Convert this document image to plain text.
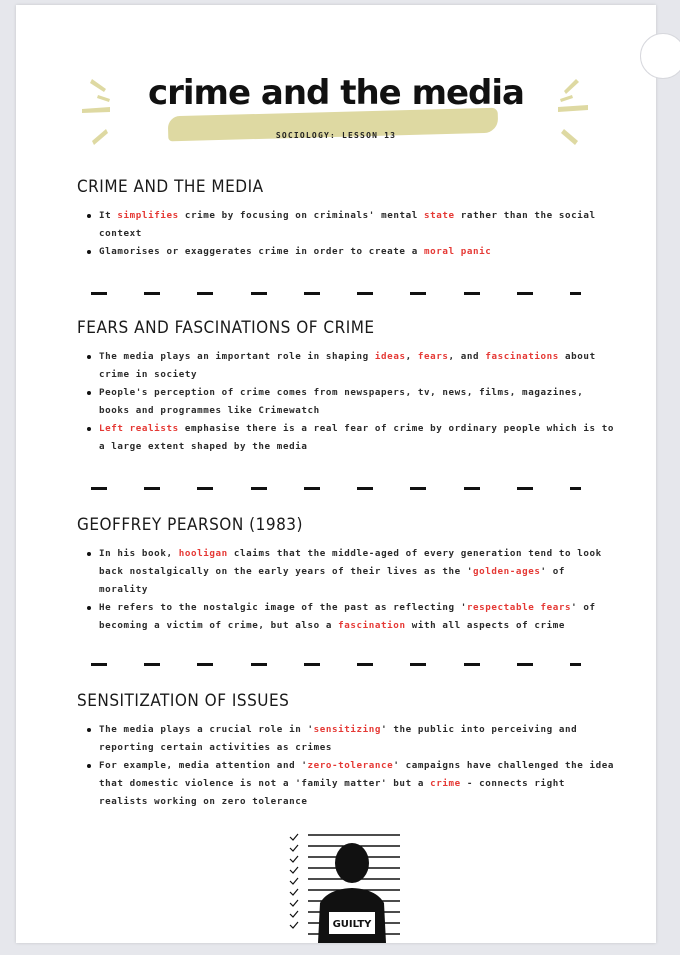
crime and the media
SOCIOLOGY: LESSON 13
CRIME AND THE MEDIA
It simplifies crime by focusing on criminals' mental state rather than the social context
Glamorises or exaggerates crime in order to create a moral panic
FEARS AND FASCINATIONS OF CRIME
The media plays an important role in shaping ideas, fears, and fascinations about crime in society
People's perception of crime comes from newspapers, tv, news, films, magazines, books and programmes like Crimewatch
Left realists emphasise there is a real fear of crime by ordinary people which is to a large extent shaped by the media
GEOFFREY PEARSON (1983)
In his book, hooligan claims that the middle-aged of every generation tend to look back nostalgically on the early years of their lives as the 'golden-ages' of morality
He refers to the nostalgic image of the past as reflecting 'respectable fears' of becoming a victim of crime, but also a fascination with all aspects of crime
SENSITIZATION OF ISSUES
The media plays a crucial role in 'sensitizing' the public into perceiving and reporting certain activities as crimes
For example, media attention and 'zero-tolerance' campaigns have challenged the idea that domestic violence is not a 'family matter' but a crime - connects right realists working on zero tolerance
GUILTY
